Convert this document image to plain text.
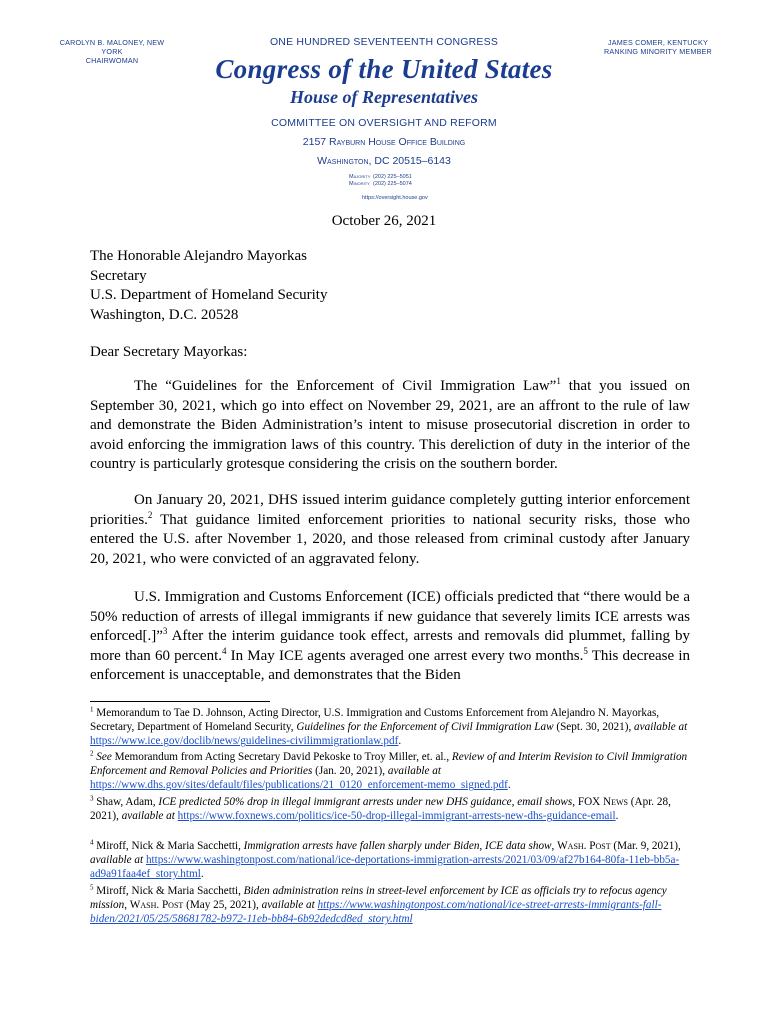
CAROLYN B. MALONEY, NEW YORK
CHAIRWOMAN
JAMES COMER, KENTUCKY
RANKING MINORITY MEMBER
ONE HUNDRED SEVENTEENTH CONGRESS
Congress of the United States
House of Representatives
COMMITTEE ON OVERSIGHT AND REFORM
2157 Rayburn House Office Building
Washington, DC 20515–6143
Majority (202) 225–5051
Minority (202) 225–5074
https://oversight.house.gov
October 26, 2021
The Honorable Alejandro Mayorkas
Secretary
U.S. Department of Homeland Security
Washington, D.C. 20528
Dear Secretary Mayorkas:
The “Guidelines for the Enforcement of Civil Immigration Law”$^1$ that you issued on September 30, 2021, which go into effect on November 29, 2021, are an affront to the rule of law and demonstrate the Biden Administration’s intent to misuse prosecutorial discretion in order to avoid enforcing the immigration laws of this country. This dereliction of duty in the interior of the country is particularly grotesque considering the crisis on the southern border.
On January 20, 2021, DHS issued interim guidance completely gutting interior enforcement priorities.$^2$ That guidance limited enforcement priorities to national security risks, those who entered the U.S. after November 1, 2020, and those released from criminal custody after January 20, 2021, who were convicted of an aggravated felony.
U.S. Immigration and Customs Enforcement (ICE) officials predicted that “there would be a 50% reduction of arrests of illegal immigrants if new guidance that severely limits ICE arrests was enforced[.]”$^3$ After the interim guidance took effect, arrests and removals did plummet, falling by more than 60 percent.$^4$ In May ICE agents averaged one arrest every two months.$^5$ This decrease in enforcement is unacceptable, and demonstrates that the Biden
$^1$ Memorandum to Tae D. Johnson, Acting Director, U.S. Immigration and Customs Enforcement from Alejandro N. Mayorkas, Secretary, Department of Homeland Security, Guidelines for the Enforcement of Civil Immigration Law (Sept. 30, 2021), available at https://www.ice.gov/doclib/news/guidelines-civilimmigrationlaw.pdf.
$^2$ See Memorandum from Acting Secretary David Pekoske to Troy Miller, et. al., Review of and Interim Revision to Civil Immigration Enforcement and Removal Policies and Priorities (Jan. 20, 2021), available at https://www.dhs.gov/sites/default/files/publications/21_0120_enforcement-memo_signed.pdf.
$^3$ Shaw, Adam, ICE predicted 50% drop in illegal immigrant arrests under new DHS guidance, email shows, FOX News (Apr. 28, 2021), available at https://www.foxnews.com/politics/ice-50-drop-illegal-immigrant-arrests-new-dhs-guidance-email.
$^4$ Miroff, Nick & Maria Sacchetti, Immigration arrests have fallen sharply under Biden, ICE data show, Wash. Post (Mar. 9, 2021), available at https://www.washingtonpost.com/national/ice-deportations-immigration-arrests/2021/03/09/af27b164-80fa-11eb-bb5a-ad9a91faa4ef_story.html.
$^5$ Miroff, Nick & Maria Sacchetti, Biden administration reins in street-level enforcement by ICE as officials try to refocus agency mission, Wash. Post (May 25, 2021), available at https://www.washingtonpost.com/national/ice-street-arrests-immigrants-fall-biden/2021/05/25/58681782-b972-11eb-bb84-6b92dedcd8ed_story.html
